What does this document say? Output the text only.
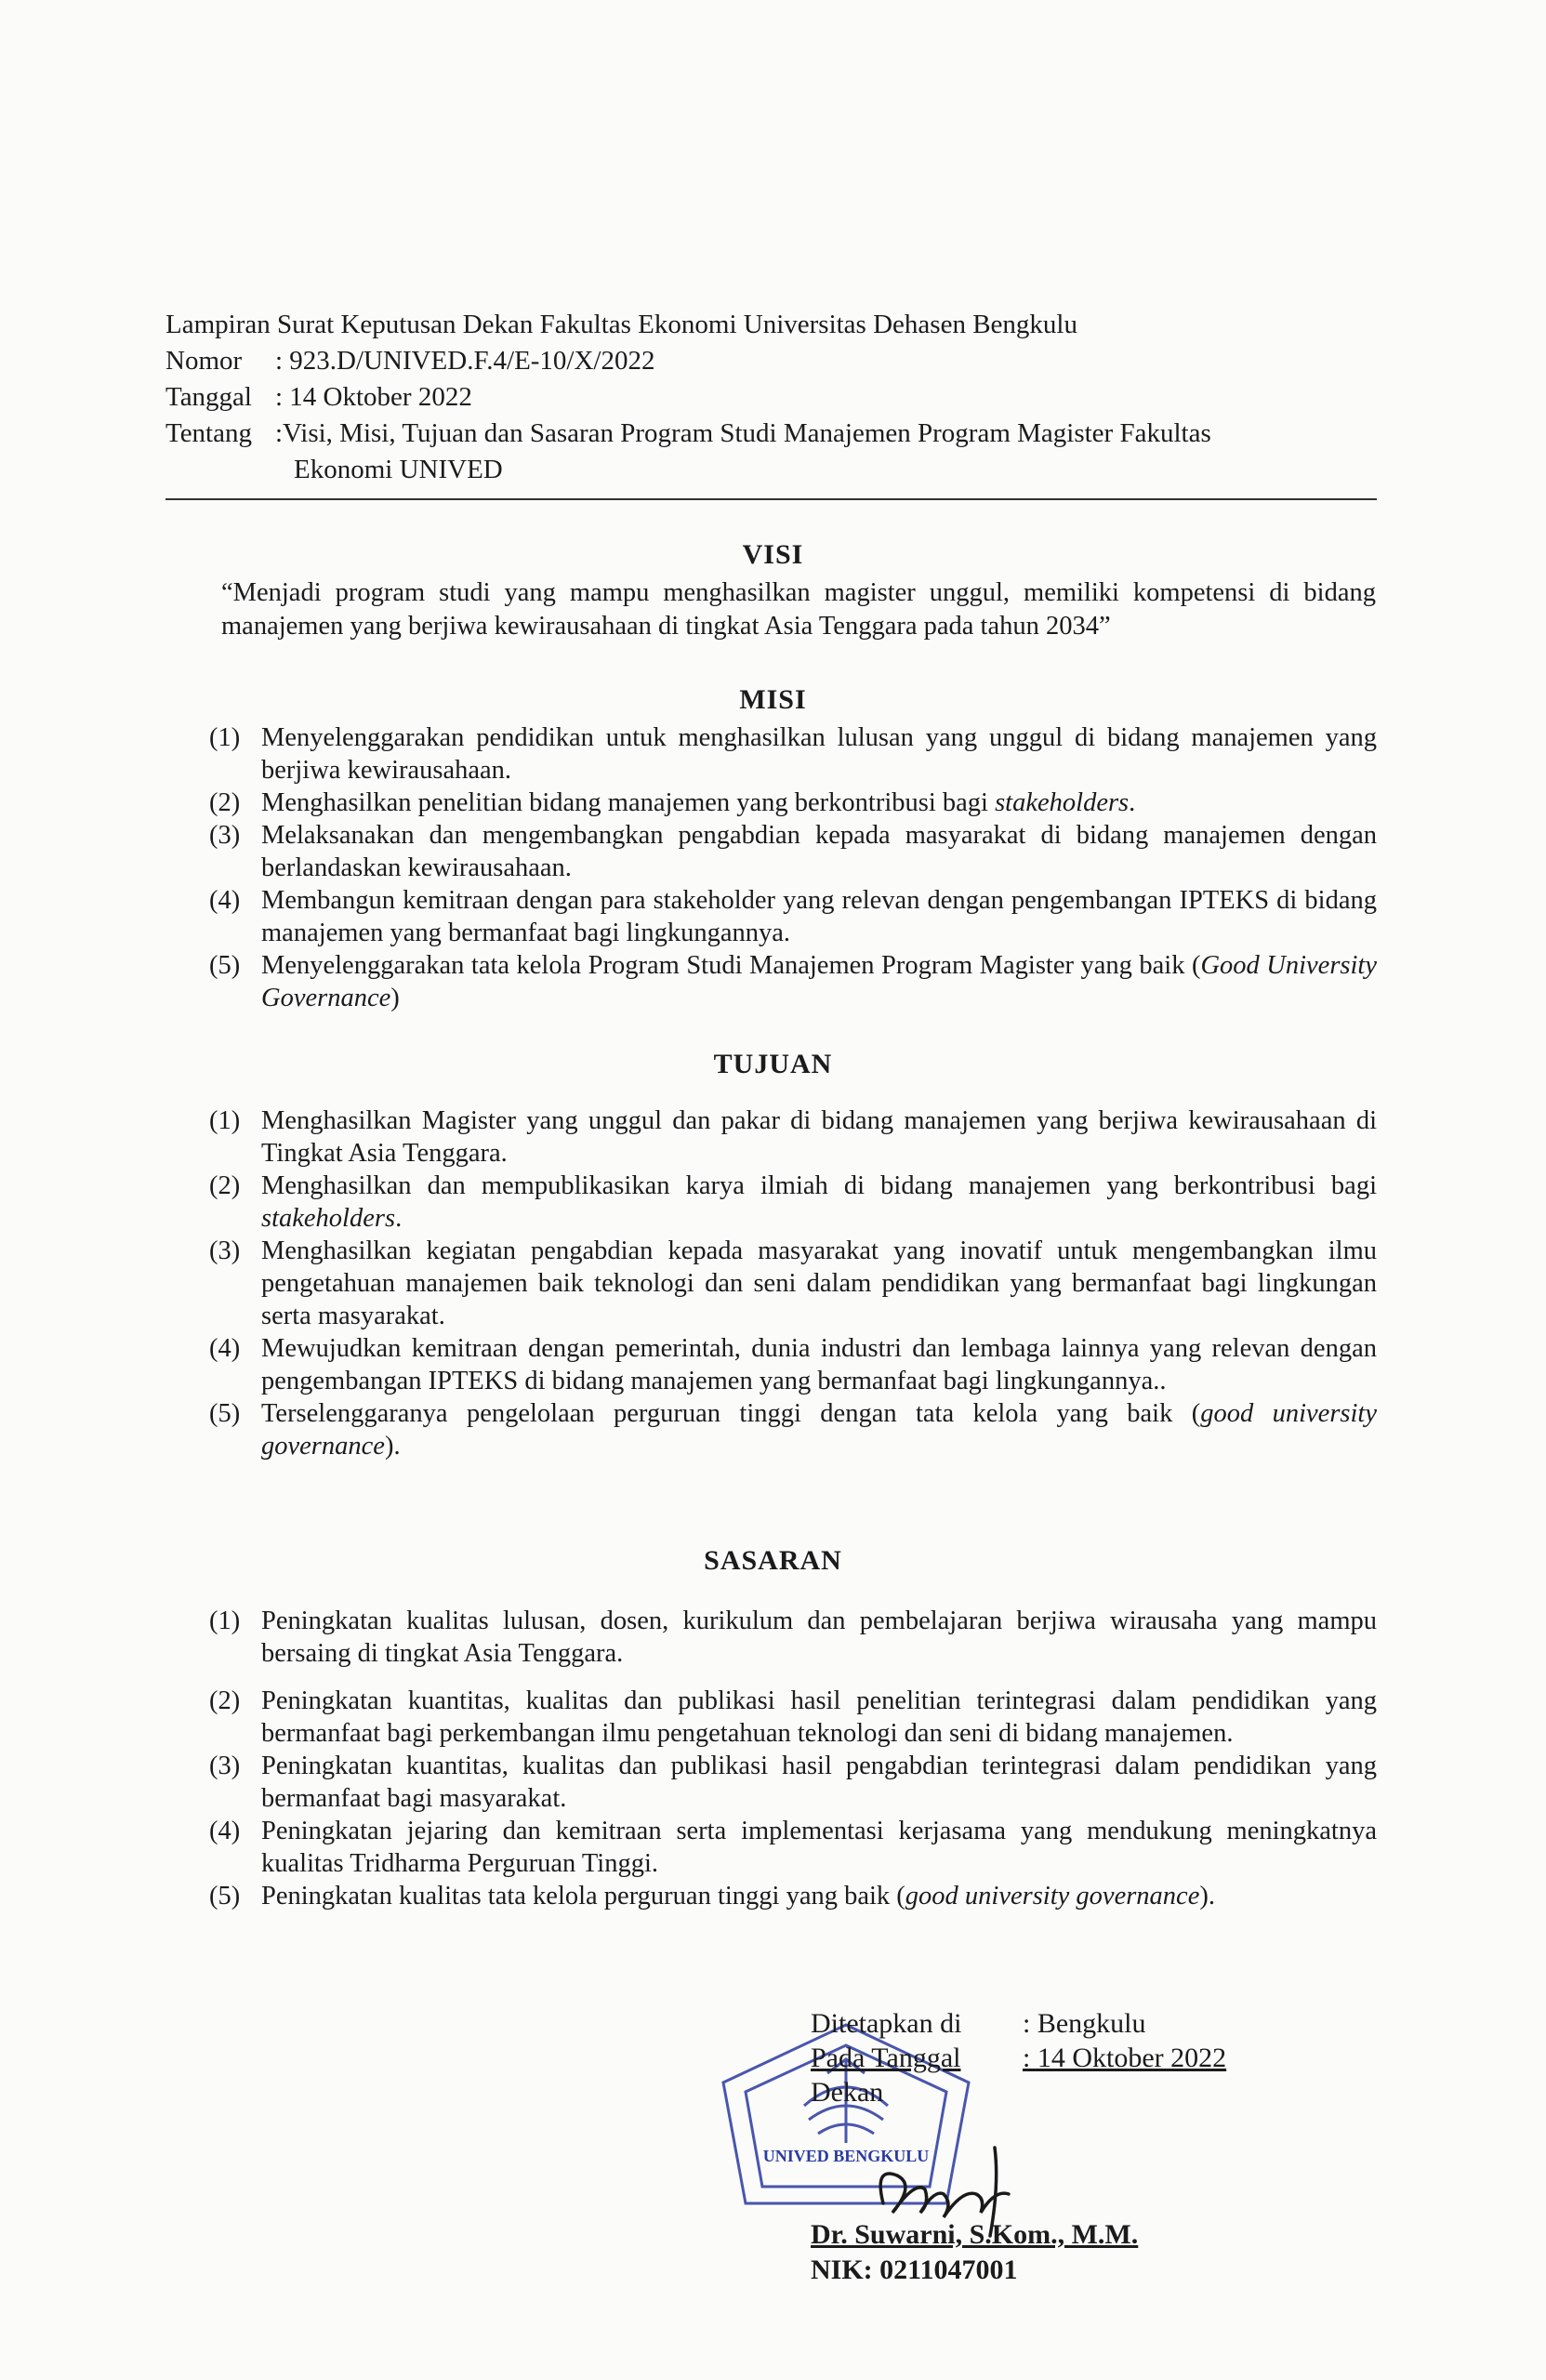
Lampiran Surat Keputusan Dekan Fakultas Ekonomi Universitas Dehasen Bengkulu
Nomor	: 923.D/UNIVED.F.4/E-10/X/2022
Tanggal : 14 Oktober 2022
Tentang :Visi, Misi, Tujuan dan Sasaran Program Studi Manajemen Program Magister Fakultas
Ekonomi UNIVED
VISI
“Menjadi program studi yang mampu menghasilkan magister unggul, memiliki kompetensi di bidang manajemen yang berjiwa kewirausahaan di tingkat Asia Tenggara pada tahun 2034”
MISI
(1) Menyelenggarakan pendidikan untuk menghasilkan lulusan yang unggul di bidang manajemen yang berjiwa kewirausahaan.
(2) Menghasilkan penelitian bidang manajemen yang berkontribusi bagi stakeholders.
(3) Melaksanakan dan mengembangkan pengabdian kepada masyarakat di bidang manajemen dengan berlandaskan kewirausahaan.
(4) Membangun kemitraan dengan para stakeholder yang relevan dengan pengembangan IPTEKS di bidang manajemen yang bermanfaat bagi lingkungannya.
(5) Menyelenggarakan tata kelola Program Studi Manajemen Program Magister yang baik (Good University Governance)
TUJUAN
(1) Menghasilkan Magister yang unggul dan pakar di bidang manajemen yang berjiwa kewirausahaan di Tingkat Asia Tenggara.
(2) Menghasilkan dan mempublikasikan karya ilmiah di bidang manajemen yang berkontribusi bagi stakeholders.
(3) Menghasilkan kegiatan pengabdian kepada masyarakat yang inovatif untuk mengembangkan ilmu pengetahuan manajemen baik teknologi dan seni dalam pendidikan yang bermanfaat bagi lingkungan serta masyarakat.
(4) Mewujudkan kemitraan dengan pemerintah, dunia industri dan lembaga lainnya yang relevan dengan pengembangan IPTEKS di bidang manajemen yang bermanfaat bagi lingkungannya..
(5) Terselenggaranya pengelolaan perguruan tinggi dengan tata kelola yang baik (good university governance).
SASARAN
(1) Peningkatan kualitas lulusan, dosen, kurikulum dan pembelajaran berjiwa wirausaha yang mampu bersaing di tingkat Asia Tenggara.
(2) Peningkatan kuantitas, kualitas dan publikasi hasil penelitian terintegrasi dalam pendidikan yang bermanfaat bagi perkembangan ilmu pengetahuan teknologi dan seni di bidang manajemen.
(3) Peningkatan kuantitas, kualitas dan publikasi hasil pengabdian terintegrasi dalam pendidikan yang bermanfaat bagi masyarakat.
(4) Peningkatan jejaring dan kemitraan serta implementasi kerjasama yang mendukung meningkatnya kualitas Tridharma Perguruan Tinggi.
(5) Peningkatan kualitas tata kelola perguruan tinggi yang baik (good university governance).
UNIVED BENGKULU
Ditetapkan di	: Bengkulu
Pada Tanggal	: 14 Oktober 2022
Dekan
Dr. Suwarni, S.Kom., M.M.
NIK: 0211047001
